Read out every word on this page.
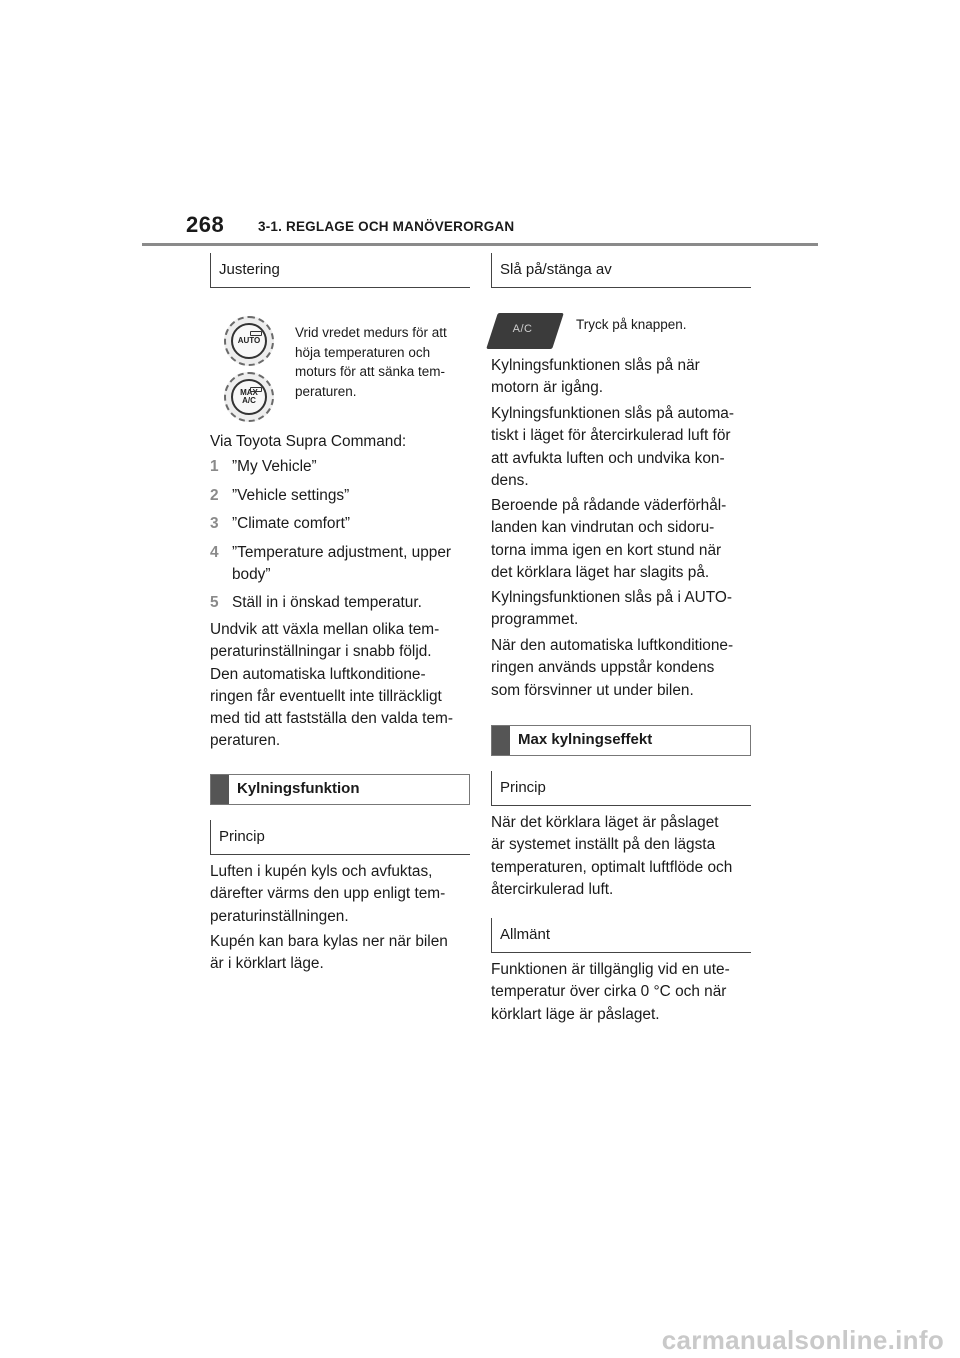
268	3-1. REGLAGE OCH MANÖVERORGAN
Justering
AUTO
MAX
A/C

Vrid vredet medurs för att
höja temperaturen och
moturs för att sänka tem-
peraturen.

Via Toyota Supra Command:

1 ”My Vehicle”
2 ”Vehicle settings”
3 ”Climate comfort”
4 ”Temperature adjustment, upper
body”
5 Ställ in i önskad temperatur.

Undvik att växla mellan olika tem-
peraturinställningar i snabb följd.
Den automatiska luftkonditione-
ringen får eventuellt inte tillräckligt
med tid att fastställa den valda tem-
peraturen.

Kylningsfunktion
Princip

Luften i kupén kyls och avfuktas,
därefter värms den upp enligt tem-
peraturinställningen.

Kupén kan bara kylas ner när bilen
är i körklart läge.

Slå på/stänga av
A/C	Tryck på knappen.

Kylningsfunktionen slås på när
motorn är igång.

Kylningsfunktionen slås på automa-
tiskt i läget för återcirkulerad luft för
att avfukta luften och undvika kon-
dens.

Beroende på rådande väderförhål-
landen kan vindrutan och sidoru-
torna imma igen en kort stund när
det körklara läget har slagits på.

Kylningsfunktionen slås på i AUTO-
programmet.

När den automatiska luftkonditione-
ringen används uppstår kondens
som försvinner ut under bilen.

Max kylningseffekt
Princip

När det körklara läget är påslaget
är systemet inställt på den lägsta
temperaturen, optimalt luftflöde och
återcirkulerad luft.

Allmänt

Funktionen är tillgänglig vid en ute-
temperatur över cirka 0 °C och när
körklart läge är påslaget.

carmanualsonline.info
